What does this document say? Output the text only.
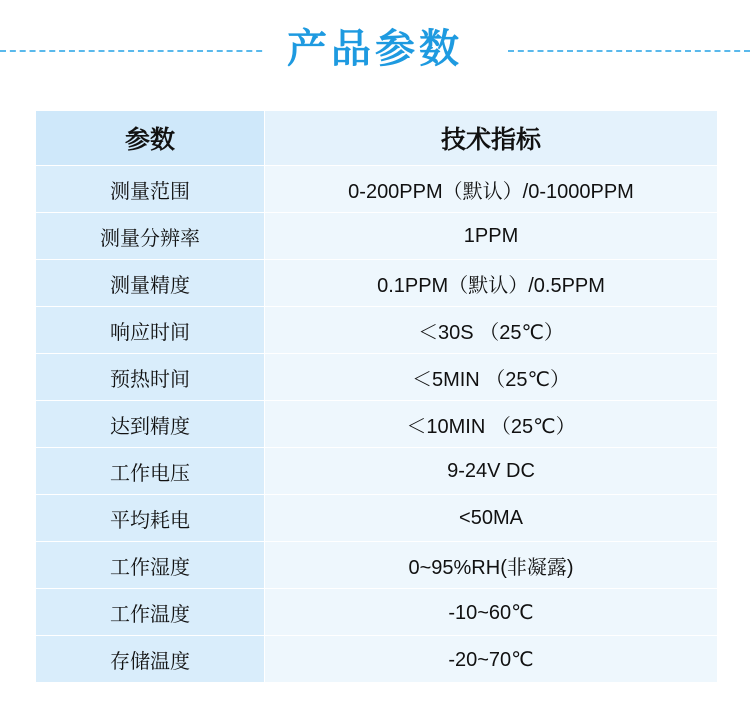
产品参数
参数	技术指标
测量范围	0-200PPM（默认）/0-1000PPM
测量分辨率	1PPM
测量精度	0.1PPM（默认）/0.5PPM
响应时间	＜30S （25℃）
预热时间	＜5MIN （25℃）
达到精度	＜10MIN （25℃）
工作电压	9-24V DC
平均耗电	<50MA
工作湿度	0~95%RH(非凝露)
工作温度	-10~60℃
存储温度	-20~70℃
